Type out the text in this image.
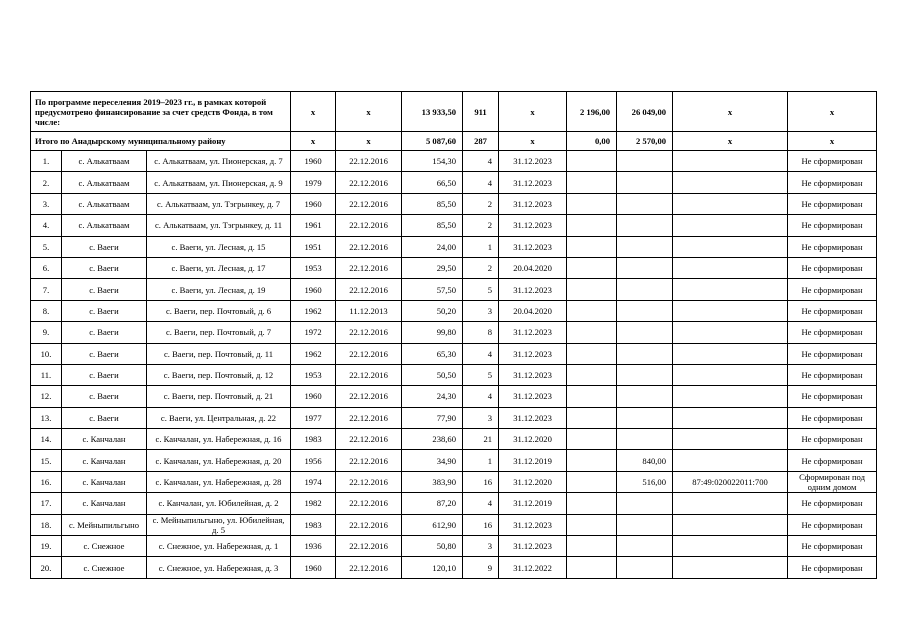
По программе переселения 2019–2023 гг., в рамках которой предусмотрено финансирование за счет средств Фонда, в том числе:			x	x	13 933,50	911	x	2 196,00	26 049,00	x	x
Итого по Анадырскому муниципальному району			x	x	5 087,60	287	x	0,00	2 570,00	x	x
1.	с. Алькатваам	с. Алькатваам, ул. Пионерская, д. 7	1960	22.12.2016	154,30	4	31.12.2023				Не сформирован
2.	с. Алькатваам	с. Алькатваам, ул. Пионерская, д. 9	1979	22.12.2016	66,50	4	31.12.2023				Не сформирован
3.	с. Алькатваам	с. Алькатваам, ул. Тэгрынкеу, д. 7	1960	22.12.2016	85,50	2	31.12.2023				Не сформирован
4.	с. Алькатваам	с. Алькатваам, ул. Тэгрынкеу, д. 11	1961	22.12.2016	85,50	2	31.12.2023				Не сформирован
5.	с. Ваеги	с. Ваеги, ул. Лесная, д. 15	1951	22.12.2016	24,00	1	31.12.2023				Не сформирован
6.	с. Ваеги	с. Ваеги, ул. Лесная, д. 17	1953	22.12.2016	29,50	2	20.04.2020				Не сформирован
7.	с. Ваеги	с. Ваеги, ул. Лесная, д. 19	1960	22.12.2016	57,50	5	31.12.2023				Не сформирован
8.	с. Ваеги	с. Ваеги, пер. Почтовый, д. 6	1962	11.12.2013	50,20	3	20.04.2020				Не сформирован
9.	с. Ваеги	с. Ваеги, пер. Почтовый, д. 7	1972	22.12.2016	99,80	8	31.12.2023				Не сформирован
10.	с. Ваеги	с. Ваеги, пер. Почтовый, д. 11	1962	22.12.2016	65,30	4	31.12.2023				Не сформирован
11.	с. Ваеги	с. Ваеги, пер. Почтовый, д. 12	1953	22.12.2016	50,50	5	31.12.2023				Не сформирован
12.	с. Ваеги	с. Ваеги, пер. Почтовый, д. 21	1960	22.12.2016	24,30	4	31.12.2023				Не сформирован
13.	с. Ваеги	с. Ваеги, ул. Центральная, д. 22	1977	22.12.2016	77,90	3	31.12.2023				Не сформирован
14.	с. Канчалан	с. Канчалан, ул. Набережная, д. 16	1983	22.12.2016	238,60	21	31.12.2020				Не сформирован
15.	с. Канчалан	с. Канчалан, ул. Набережная, д. 20	1956	22.12.2016	34,90	1	31.12.2019		840,00		Не сформирован
16.	с. Канчалан	с. Канчалан, ул. Набережная, д. 28	1974	22.12.2016	383,90	16	31.12.2020		516,00	87:49:020022011:700	Сформирован под одним домом
17.	с. Канчалан	с. Канчалан, ул. Юбилейная, д. 2	1982	22.12.2016	87,20	4	31.12.2019				Не сформирован
18.	с. Мейныпильгыно	с. Мейныпильгыно, ул. Юбилейная, д. 5	1983	22.12.2016	612,90	16	31.12.2023				Не сформирован
19.	с. Снежное	с. Снежное, ул. Набережная, д. 1	1936	22.12.2016	50,80	3	31.12.2023				Не сформирован
20.	с. Снежное	с. Снежное, ул. Набережная, д. 3	1960	22.12.2016	120,10	9	31.12.2022				Не сформирован
